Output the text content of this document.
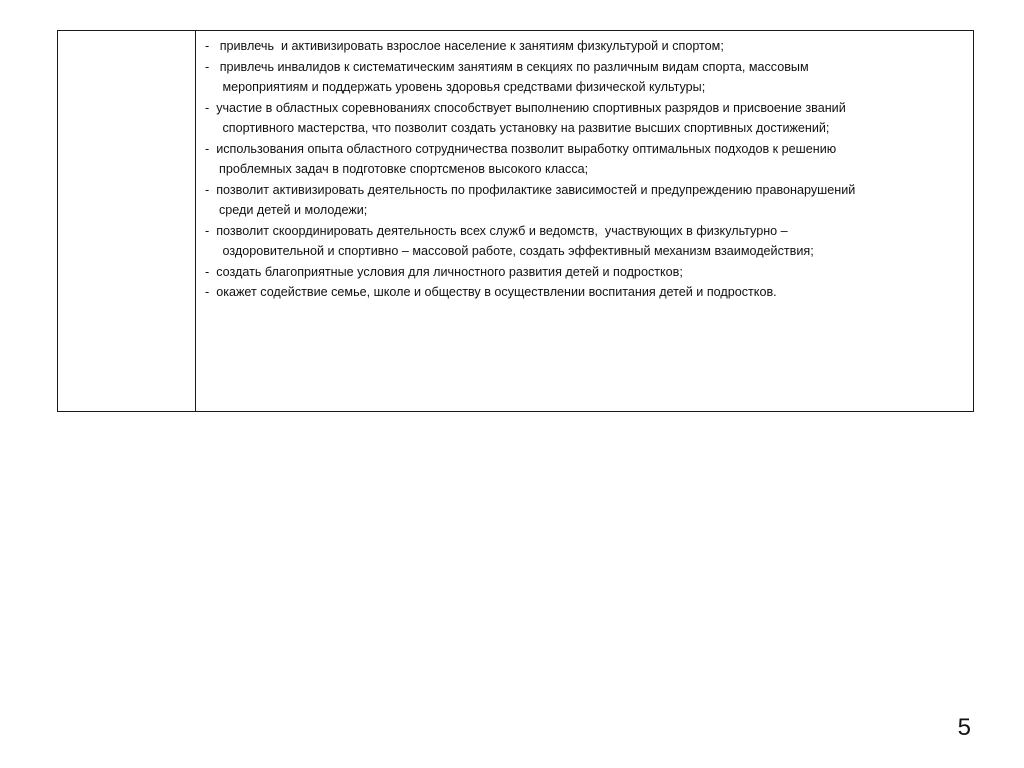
-   привлечь  и активизировать взрослое население к занятиям физкультурой и спортом;

-   привлечь инвалидов к систематическим занятиям в секциях по различным видам спорта, массовым

мероприятиям и поддержать уровень здоровья средствами физической культуры;

-  участие в областных соревнованиях способствует выполнению спортивных разрядов и присвоение званий

спортивного мастерства, что позволит создать установку на развитие высших спортивных достижений;

-  использования опыта областного сотрудничества позволит выработку оптимальных подходов к решению

проблемных задач в подготовке спортсменов высокого класса;

-  позволит активизировать деятельность по профилактике зависимостей и предупреждению правонарушений

среди детей и молодежи;

-  позволит скоординировать деятельность всех служб и ведомств,  участвующих в физкультурно –

оздоровительной и спортивно – массовой работе, создать эффективный механизм взаимодействия;

-  создать благоприятные условия для личностного развития детей и подростков;

-  окажет содействие семье, школе и обществу в осуществлении воспитания детей и подростков.

5
